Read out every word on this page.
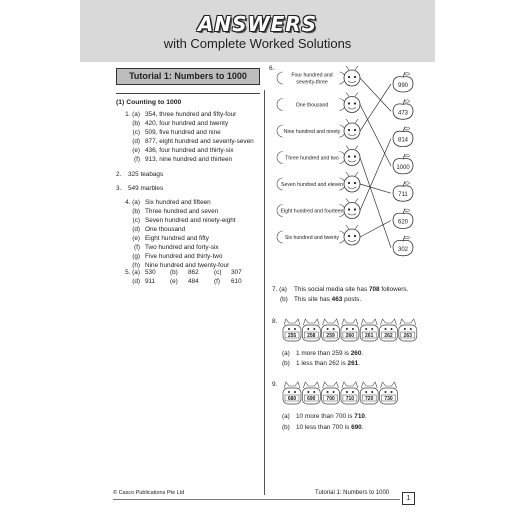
ANSWERS
with Complete Worked Solutions
Tutorial 1: Numbers to 1000
(1) Counting to 1000
1. (a) 354, three hundred and fifty-four
(b) 420, four hundred and twenty
(c) 509, five hundred and nine
(d) 877, eight hundred and seventy-seven
(e) 436, four hundred and thirty-six
(f) 913, nine hundred and thirteen
2. 325 teabags
3. 549 marbles
4. (a) Six hundred and fifteen
(b) Three hundred and seven
(c) Seven hundred and ninety-eight
(d) One thousand
(e) Eight hundred and fifty
(f) Two hundred and forty-six
(g) Five hundred and thirty-two
(h) Nine hundred and twenty-four
5. (a) 530 (b) 862 (c) 307
(d) 911 (e) 484 (f) 610
6.
Four hundred and
seventy-three
One thousand
Nine hundred and ninety
Three hundred and two
Seven hundred and eleven
Eight hundred and fourteen
Six hundred and twenty
990
473
814
1000
711
620
302
7. (a) This social media site has 708 followers.
(b) This site has 463 posts.
8.
255 258 259 260 261 262 263
(a) 1 more than 259 is 260.
(b) 1 less than 262 is 261.
9.
680 690 700 710 720 730
(a) 10 more than 700 is 710.
(b) 10 less than 700 is 690.
© Casco Publications Pte Ltd	Tutorial 1: Numbers to 1000
1
